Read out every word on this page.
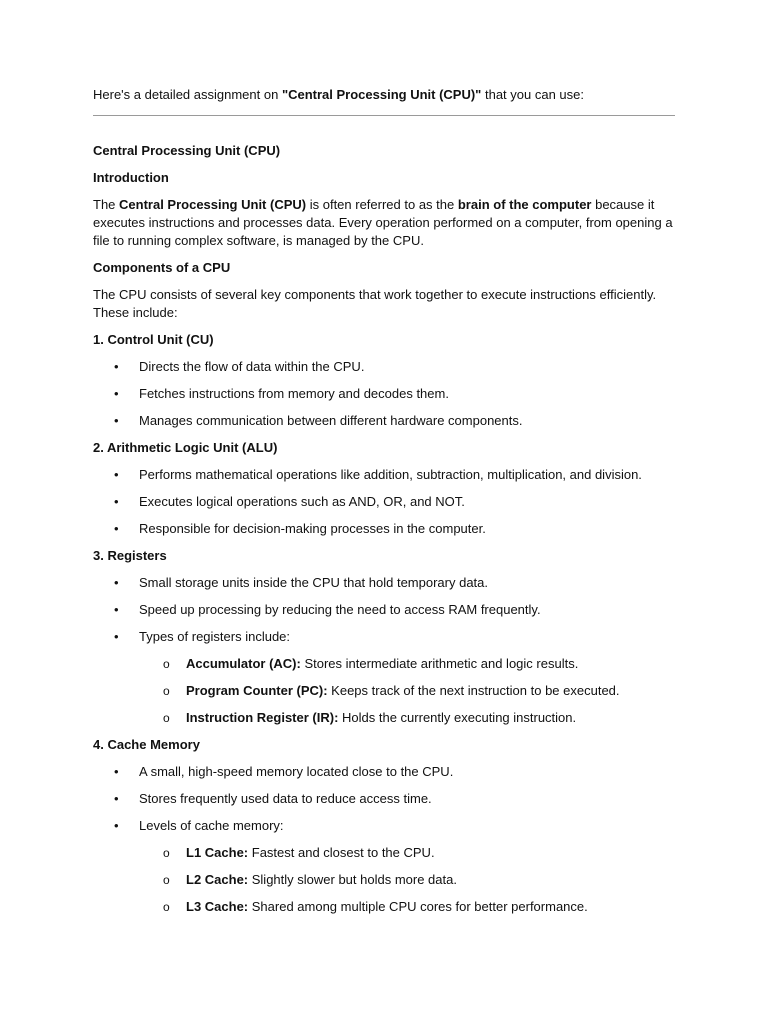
Here's a detailed assignment on "Central Processing Unit (CPU)" that you can use:

Central Processing Unit (CPU)

Introduction

The Central Processing Unit (CPU) is often referred to as the brain of the computer because it executes instructions and processes data. Every operation performed on a computer, from opening a file to running complex software, is managed by the CPU.

Components of a CPU

The CPU consists of several key components that work together to execute instructions efficiently. These include:

1. Control Unit (CU)

• Directs the flow of data within the CPU.
• Fetches instructions from memory and decodes them.
• Manages communication between different hardware components.

2. Arithmetic Logic Unit (ALU)

• Performs mathematical operations like addition, subtraction, multiplication, and division.
• Executes logical operations such as AND, OR, and NOT.
• Responsible for decision-making processes in the computer.

3. Registers

• Small storage units inside the CPU that hold temporary data.
• Speed up processing by reducing the need to access RAM frequently.
• Types of registers include:
o Accumulator (AC): Stores intermediate arithmetic and logic results.
o Program Counter (PC): Keeps track of the next instruction to be executed.
o Instruction Register (IR): Holds the currently executing instruction.

4. Cache Memory

• A small, high-speed memory located close to the CPU.
• Stores frequently used data to reduce access time.
• Levels of cache memory:
o L1 Cache: Fastest and closest to the CPU.
o L2 Cache: Slightly slower but holds more data.
o L3 Cache: Shared among multiple CPU cores for better performance.
